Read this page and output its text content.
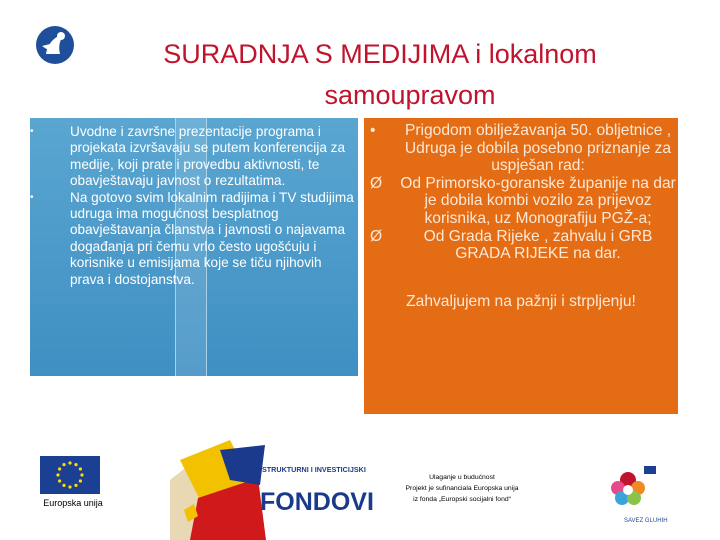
SURADNJA S MEDIJIMA i lokalnom
samoupravom
• Uvodne i završne prezentacije programa i projekata izvršavaju se putem konferencija za medije, koji prate i provedbu aktivnosti, te obavještavaju javnost o rezultatima.
• Na gotovo svim lokalnim radijima i TV studijima udruga ima mogućnost besplatnog obavještavanja članstva i javnosti o najavama događanja pri čemu vrlo često ugošćuju i korisnike u emisijama koje se tiču njihovih prava i dostojanstva.
• Prigodom obilježavanja 50. obljetnice , Udruga je dobila posebno priznanje za uspješan rad:
Ø Od Primorsko-goranske županije na dar je dobila kombi vozilo za prijevoz korisnika, uz Monografiju PGŽ-a;
Ø	Od Grada Rijeke , zahvalu i GRB GRADA RIJEKE na dar.
Zahvaljujem na pažnji i strpljenju!
Europska unija
STRUKTURNI I INVESTICIJSKI
FONDOVI
Ulaganje u budućnost
Projekt je sufinanciala Europska unija
iz fonda „Europski socijalni fond“
SAVEZ GLUHIH
